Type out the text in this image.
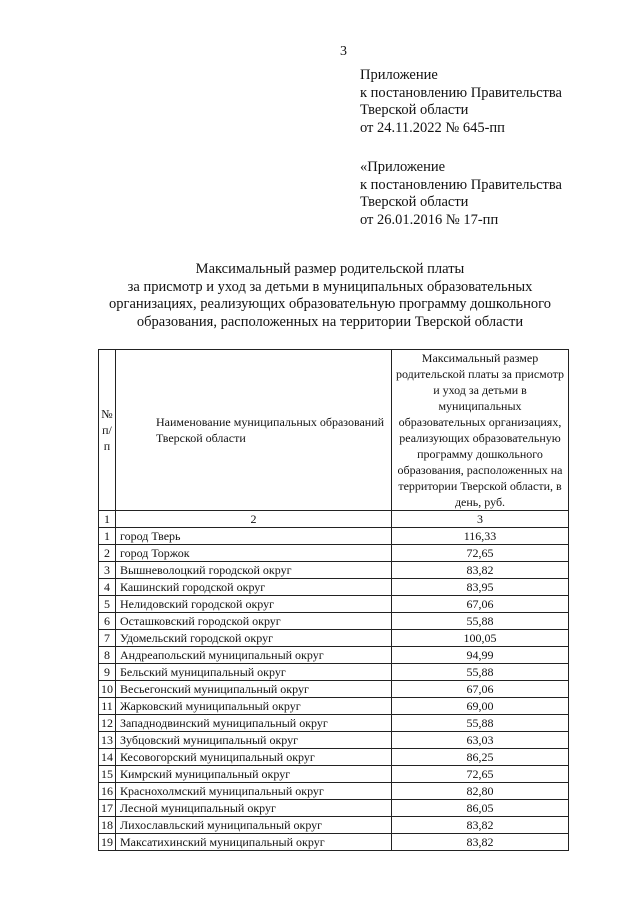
3
Приложение
к постановлению Правительства
Тверской области
от 24.11.2022 № 645-пп
«Приложение
к постановлению Правительства
Тверской области
от 26.01.2016 № 17-пп
Максимальный размер родительской платы
за присмотр и уход за детьми в муниципальных образовательных
организациях, реализующих образовательную программу дошкольного
образования, расположенных на территории Тверской области
№ п/п	Наименование муниципальных образований Тверской области	Максимальный размер родительской платы за присмотр и уход за детьми в муниципальных образовательных организациях, реализующих образовательную программу дошкольного образования, расположенных на территории Тверской области, в день, руб.
1	2	3
1	город Тверь	116,33
2	город Торжок	72,65
3	Вышневолоцкий городской округ	83,82
4	Кашинский городской округ	83,95
5	Нелидовский городской округ	67,06
6	Осташковский городской округ	55,88
7	Удомельский городской округ	100,05
8	Андреапольский муниципальный округ	94,99
9	Бельский муниципальный округ	55,88
10	Весьегонский муниципальный округ	67,06
11	Жарковский муниципальный округ	69,00
12	Западнодвинский муниципальный округ	55,88
13	Зубцовский муниципальный округ	63,03
14	Кесовогорский муниципальный округ	86,25
15	Кимрский муниципальный округ	72,65
16	Краснохолмский муниципальный округ	82,80
17	Лесной муниципальный округ	86,05
18	Лихославльский муниципальный округ	83,82
19	Максатихинский муниципальный округ	83,82
